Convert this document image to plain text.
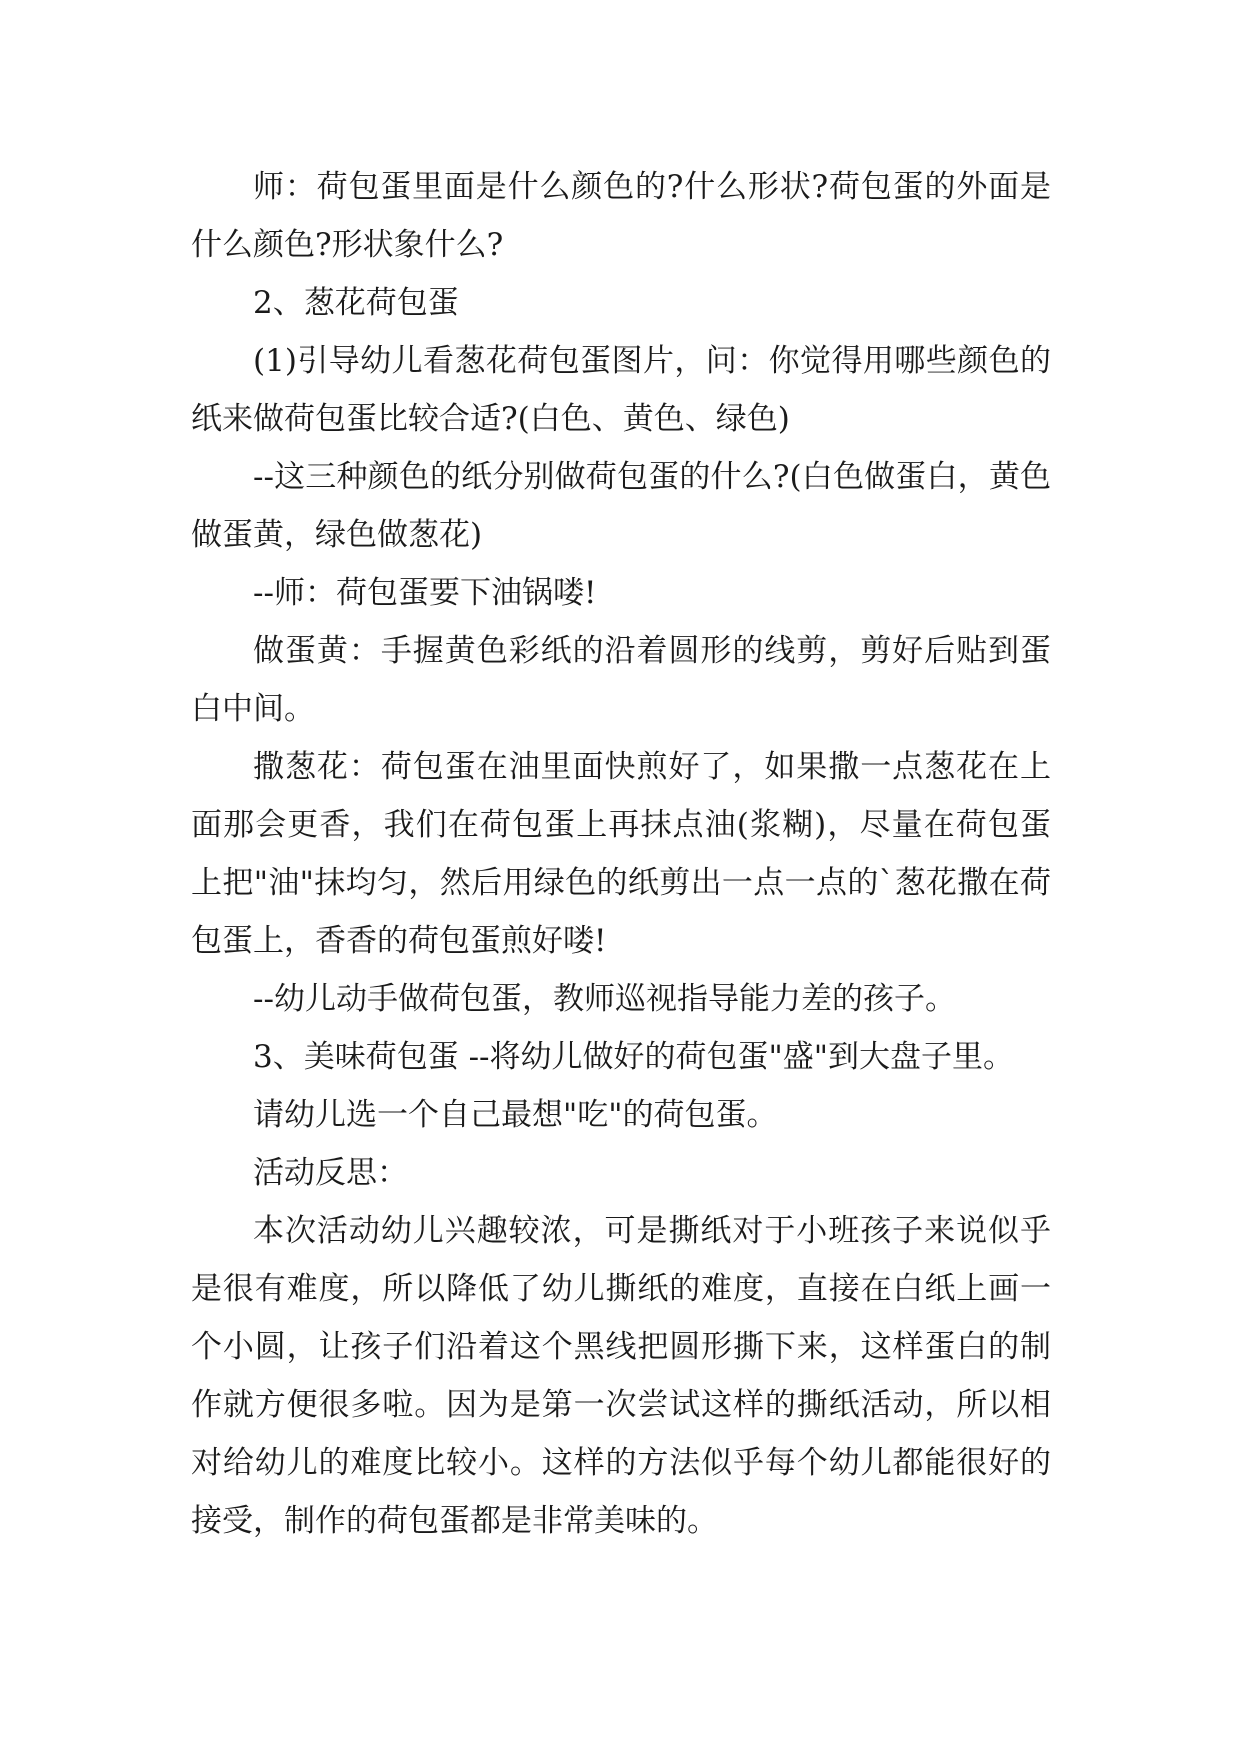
师：荷包蛋里面是什么颜色的?什么形状?荷包蛋的外面是什么颜色?形状象什么?

2、葱花荷包蛋

(1)引导幼儿看葱花荷包蛋图片，问：你觉得用哪些颜色的纸来做荷包蛋比较合适?(白色、黄色、绿色)

--这三种颜色的纸分别做荷包蛋的什么?(白色做蛋白，黄色做蛋黄，绿色做葱花)

--师：荷包蛋要下油锅喽!

做蛋黄：手握黄色彩纸的沿着圆形的线剪，剪好后贴到蛋白中间。

撒葱花：荷包蛋在油里面快煎好了，如果撒一点葱花在上面那会更香，我们在荷包蛋上再抹点油(浆糊)，尽量在荷包蛋上把"油"抹均匀，然后用绿色的纸剪出一点一点的`葱花撒在荷包蛋上，香香的荷包蛋煎好喽!

--幼儿动手做荷包蛋，教师巡视指导能力差的孩子。

3、美味荷包蛋 --将幼儿做好的荷包蛋"盛"到大盘子里。

请幼儿选一个自己最想"吃"的荷包蛋。

活动反思：

本次活动幼儿兴趣较浓，可是撕纸对于小班孩子来说似乎是很有难度，所以降低了幼儿撕纸的难度，直接在白纸上画一个小圆，让孩子们沿着这个黑线把圆形撕下来，这样蛋白的制作就方便很多啦。因为是第一次尝试这样的撕纸活动，所以相对给幼儿的难度比较小。这样的方法似乎每个幼儿都能很好的接受，制作的荷包蛋都是非常美味的。
